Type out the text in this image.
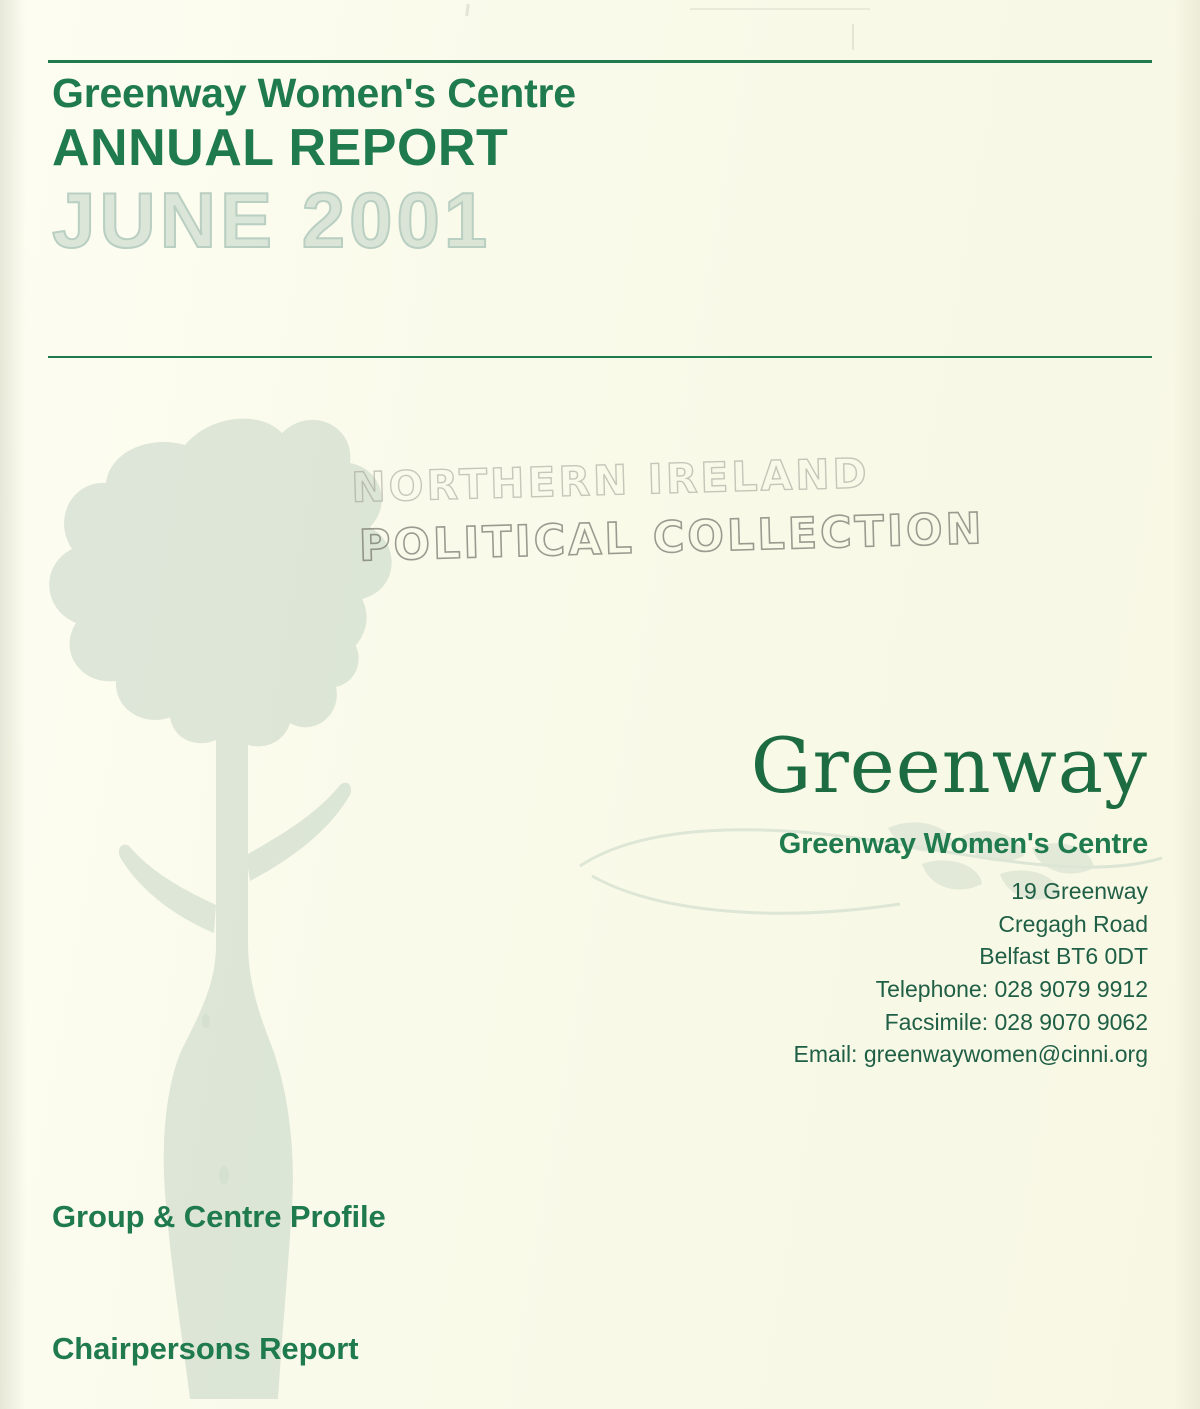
Greenway Women's Centre
ANNUAL REPORT
JUNE 2001
NORTHERN IRELAND
POLITICAL COLLECTION
Greenway
Greenway Women's Centre
19 Greenway
Cregagh Road
Belfast BT6 0DT
Telephone: 028 9079 9912
Facsimile: 028 9070 9062
Email: greenwaywomen@cinni.org
Group & Centre Profile
Chairpersons Report
